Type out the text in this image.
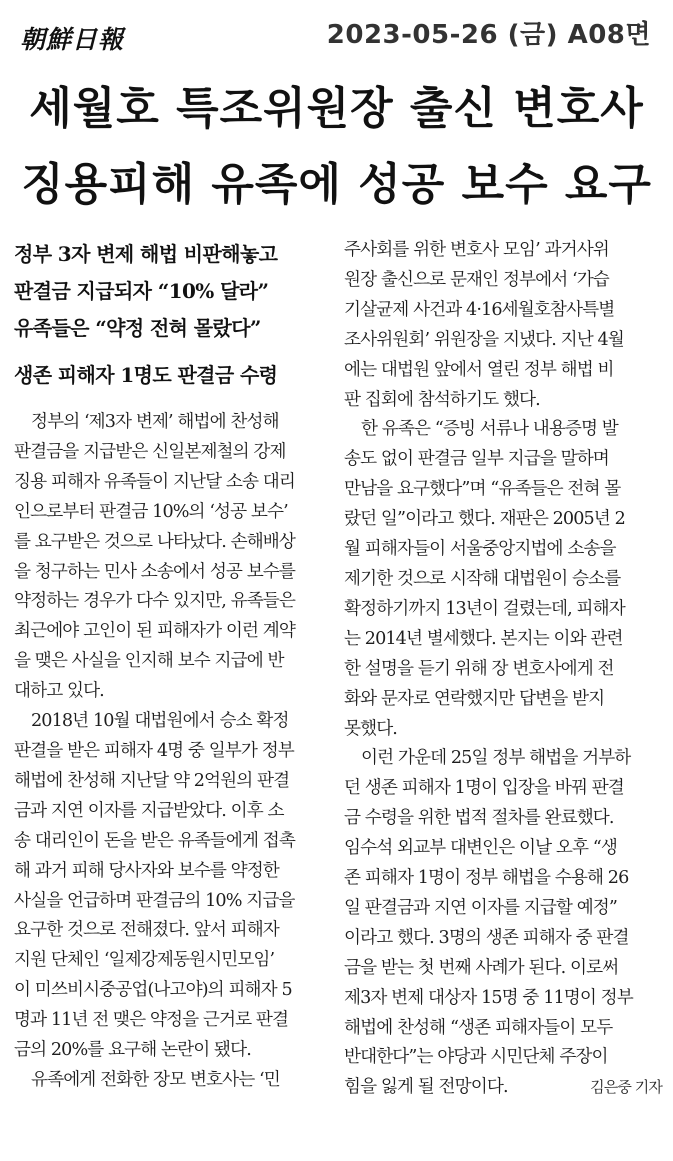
朝鮮日報	2023-05-26 (금) A08면
세월호 특조위원장 출신 변호사
징용피해 유족에 성공 보수 요구
정부 3자 변제 해법 비판해놓고
판결금 지급되자 “10% 달라”
유족들은 “약정 전혀 몰랐다”
생존 피해자 1명도 판결금 수령
정부의 ‘제3자 변제’ 해법에 찬성해
판결금을 지급받은 신일본제철의 강제
징용 피해자 유족들이 지난달 소송 대리
인으로부터 판결금 10%의 ‘성공 보수’
를 요구받은 것으로 나타났다. 손해배상
을 청구하는 민사 소송에서 성공 보수를
약정하는 경우가 다수 있지만, 유족들은
최근에야 고인이 된 피해자가 이런 계약
을 맺은 사실을 인지해 보수 지급에 반
대하고 있다.
2018년 10월 대법원에서 승소 확정
판결을 받은 피해자 4명 중 일부가 정부
해법에 찬성해 지난달 약 2억원의 판결
금과 지연 이자를 지급받았다. 이후 소
송 대리인이 돈을 받은 유족들에게 접촉
해 과거 피해 당사자와 보수를 약정한
사실을 언급하며 판결금의 10% 지급을
요구한 것으로 전해졌다. 앞서 피해자
지원 단체인 ‘일제강제동원시민모임’
이 미쓰비시중공업(나고야)의 피해자 5
명과 11년 전 맺은 약정을 근거로 판결
금의 20%를 요구해 논란이 됐다.
유족에게 전화한 장모 변호사는 ‘민
주사회를 위한 변호사 모임’ 과거사위
원장 출신으로 문재인 정부에서 ‘가습
기살균제 사건과 4·16세월호참사특별
조사위원회’ 위원장을 지냈다. 지난 4월
에는 대법원 앞에서 열린 정부 해법 비
판 집회에 참석하기도 했다.
한 유족은 “증빙 서류나 내용증명 발
송도 없이 판결금 일부 지급을 말하며
만남을 요구했다”며 “유족들은 전혀 몰
랐던 일”이라고 했다. 재판은 2005년 2
월 피해자들이 서울중앙지법에 소송을
제기한 것으로 시작해 대법원이 승소를
확정하기까지 13년이 걸렸는데, 피해자
는 2014년 별세했다. 본지는 이와 관련
한 설명을 듣기 위해 장 변호사에게 전
화와 문자로 연락했지만 답변을 받지
못했다.
이런 가운데 25일 정부 해법을 거부하
던 생존 피해자 1명이 입장을 바꿔 판결
금 수령을 위한 법적 절차를 완료했다.
임수석 외교부 대변인은 이날 오후 “생
존 피해자 1명이 정부 해법을 수용해 26
일 판결금과 지연 이자를 지급할 예정”
이라고 했다. 3명의 생존 피해자 중 판결
금을 받는 첫 번째 사례가 된다. 이로써
제3자 변제 대상자 15명 중 11명이 정부
해법에 찬성해 “생존 피해자들이 모두
반대한다”는 야당과 시민단체 주장이
힘을 잃게 될 전망이다.	김은중 기자
